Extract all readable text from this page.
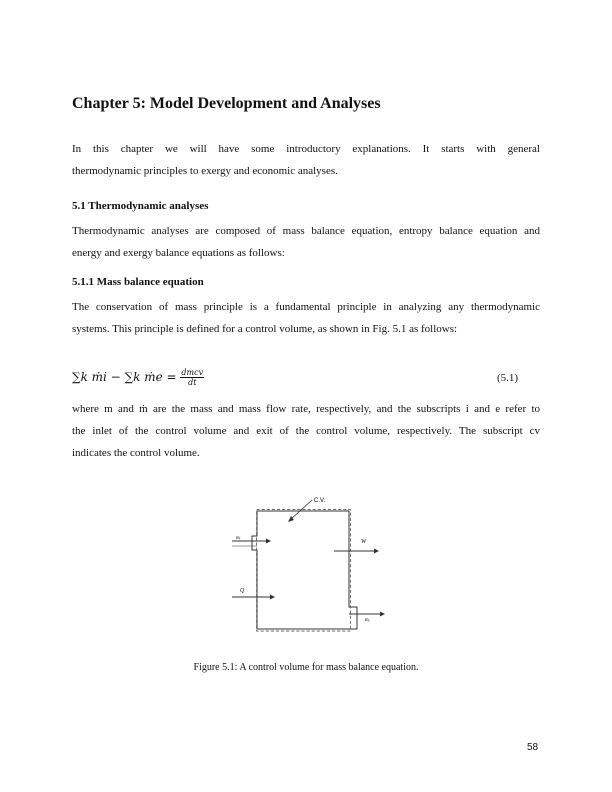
Chapter 5: Model Development and Analyses
In this chapter we will have some introductory explanations. It starts with general
thermodynamic principles to exergy and economic analyses.
5.1 Thermodynamic analyses
Thermodynamic analyses are composed of mass balance equation, entropy balance equation and
energy and exergy balance equations as follows:
5.1.1 Mass balance equation
The conservation of mass principle is a fundamental principle in analyzing any thermodynamic
systems. This principle is defined for a control volume, as shown in Fig. 5.1 as follows:
∑k ṁi − ∑k ṁe = $\frac{\text{dmcv}}{dt}$	(5.1)
where m and ṁ are the mass and mass flow rate, respectively, and the subscripts i and e refer to
the inlet of the control volume and exit of the control volume, respectively. The subscript cv
indicates the control volume.
C.V.
mᵢ
W
Q
mₑ
Figure 5.1: A control volume for mass balance equation.
58
